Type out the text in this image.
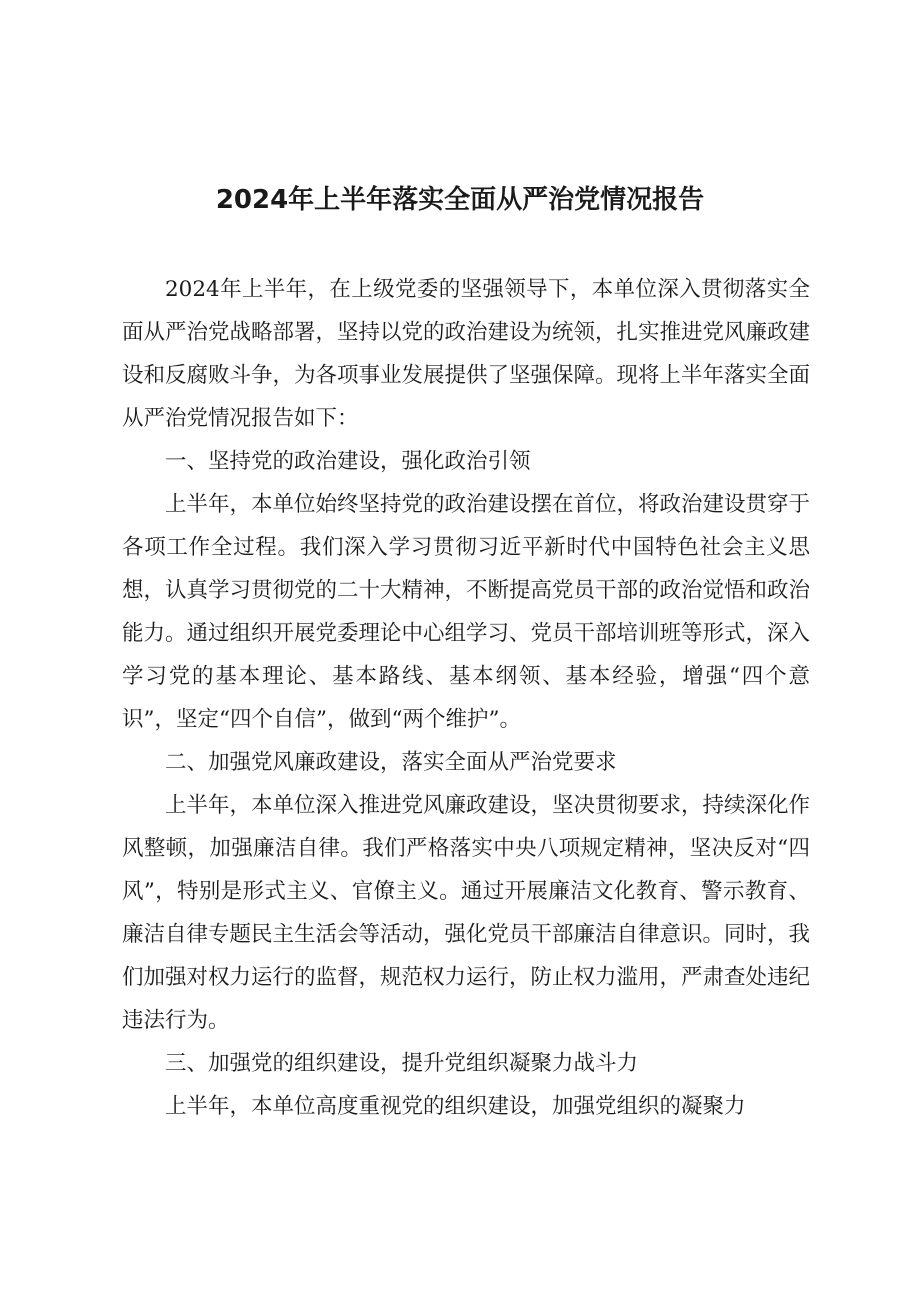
2024年上半年落实全面从严治党情况报告

2024年上半年，在上级党委的坚强领导下，本单位深入贯彻落实全面从严治党战略部署，坚持以党的政治建设为统领，扎实推进党风廉政建设和反腐败斗争，为各项事业发展提供了坚强保障。现将上半年落实全面从严治党情况报告如下：

一、坚持党的政治建设，强化政治引领

上半年，本单位始终坚持党的政治建设摆在首位，将政治建设贯穿于各项工作全过程。我们深入学习贯彻习近平新时代中国特色社会主义思想，认真学习贯彻党的二十大精神，不断提高党员干部的政治觉悟和政治能力。通过组织开展党委理论中心组学习、党员干部培训班等形式，深入学习党的基本理论、基本路线、基本纲领、基本经验，增强“四个意识”，坚定“四个自信”，做到“两个维护”。

二、加强党风廉政建设，落实全面从严治党要求

上半年，本单位深入推进党风廉政建设，坚决贯彻要求，持续深化作风整顿，加强廉洁自律。我们严格落实中央八项规定精神，坚决反对“四风”，特别是形式主义、官僚主义。通过开展廉洁文化教育、警示教育、廉洁自律专题民主生活会等活动，强化党员干部廉洁自律意识。同时，我们加强对权力运行的监督，规范权力运行，防止权力滥用，严肃查处违纪违法行为。

三、加强党的组织建设，提升党组织凝聚力战斗力

上半年，本单位高度重视党的组织建设，加强党组织的凝聚力
